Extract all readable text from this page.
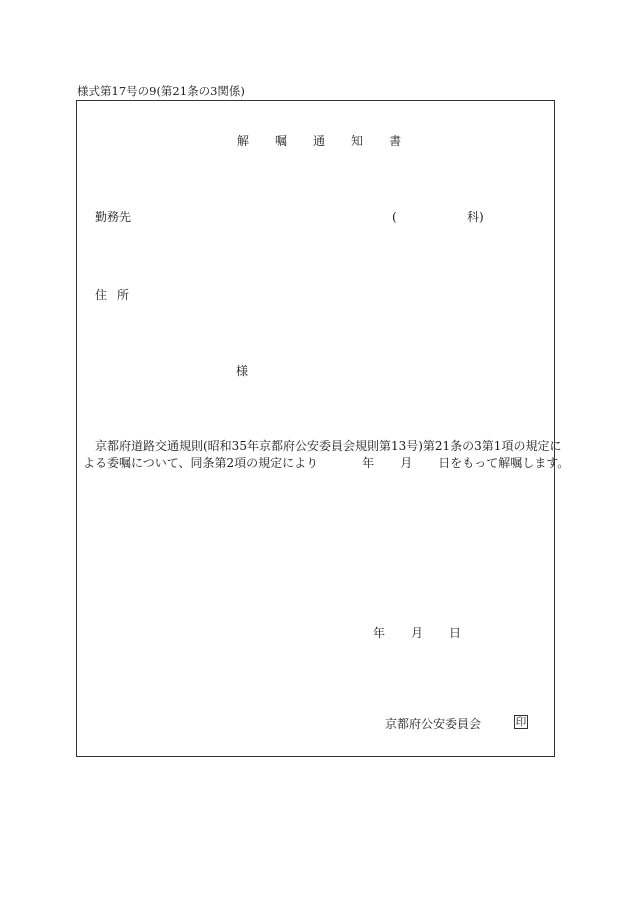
様式第17号の9(第21条の3関係)
解 嘱 通 知 書
勤務先	(	科)
住所
様
京都府道路交通規則(昭和35年京都府公安委員会規則第13号)第21条の3第1項の規定に
よる委嘱について、同条第2項の規定により	年 月 日をもって解嘱します。
年 月 日
京都府公安委員会	印
